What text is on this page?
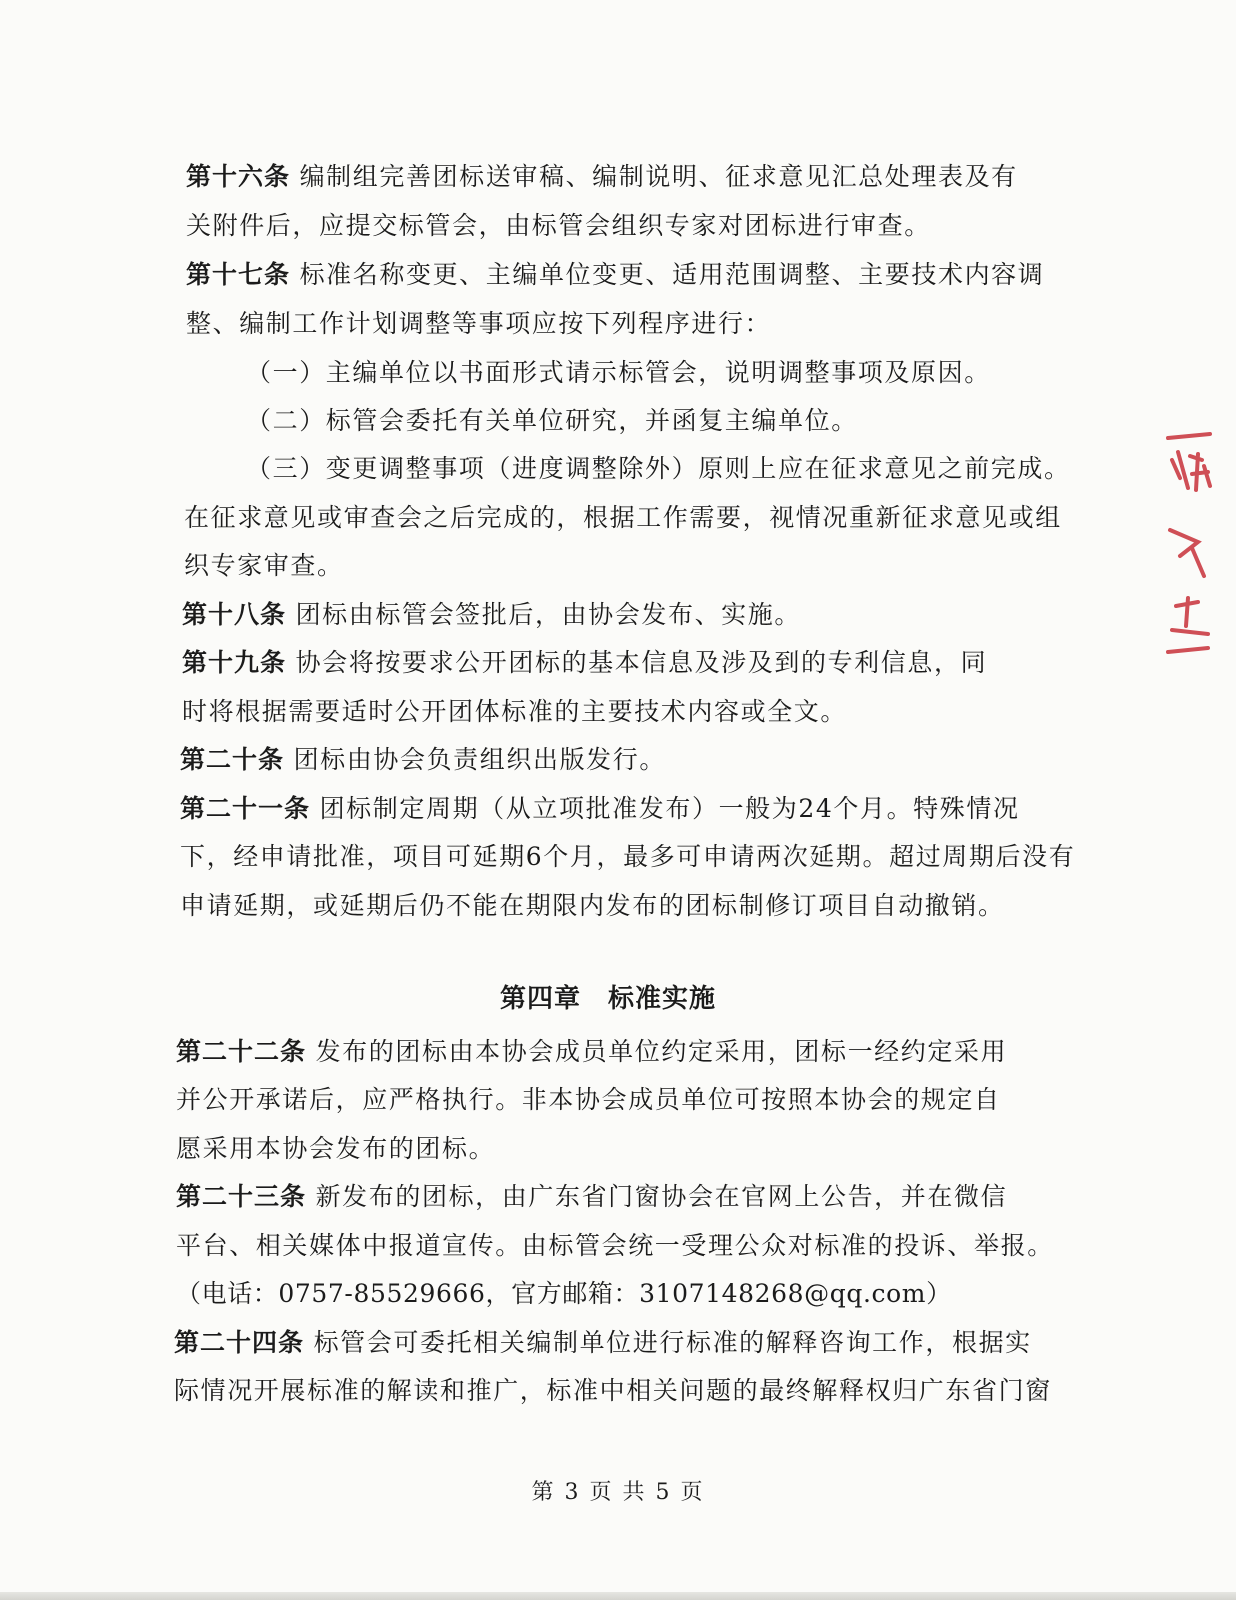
第十六条 编制组完善团标送审稿、编制说明、征求意见汇总处理表及有
关附件后，应提交标管会，由标管会组织专家对团标进行审查。
第十七条 标准名称变更、主编单位变更、适用范围调整、主要技术内容调
整、编制工作计划调整等事项应按下列程序进行：
（一）主编单位以书面形式请示标管会，说明调整事项及原因。
（二）标管会委托有关单位研究，并函复主编单位。
（三）变更调整事项（进度调整除外）原则上应在征求意见之前完成。
在征求意见或审查会之后完成的，根据工作需要，视情况重新征求意见或组
织专家审查。
第十八条 团标由标管会签批后，由协会发布、实施。
第十九条 协会将按要求公开团标的基本信息及涉及到的专利信息，同
时将根据需要适时公开团体标准的主要技术内容或全文。
第二十条 团标由协会负责组织出版发行。
第二十一条 团标制定周期（从立项批准发布）一般为24个月。特殊情况
下，经申请批准，项目可延期6个月，最多可申请两次延期。超过周期后没有
申请延期，或延期后仍不能在期限内发布的团标制修订项目自动撤销。
第四章　标准实施
第二十二条 发布的团标由本协会成员单位约定采用，团标一经约定采用
并公开承诺后，应严格执行。非本协会成员单位可按照本协会的规定自
愿采用本协会发布的团标。
第二十三条 新发布的团标，由广东省门窗协会在官网上公告，并在微信
平台、相关媒体中报道宣传。由标管会统一受理公众对标准的投诉、举报。
（电话：0757-85529666，官方邮箱：3107148268@qq.com）
第二十四条 标管会可委托相关编制单位进行标准的解释咨询工作，根据实
际情况开展标准的解读和推广，标准中相关问题的最终解释权归广东省门窗
第 3 页 共 5 页
